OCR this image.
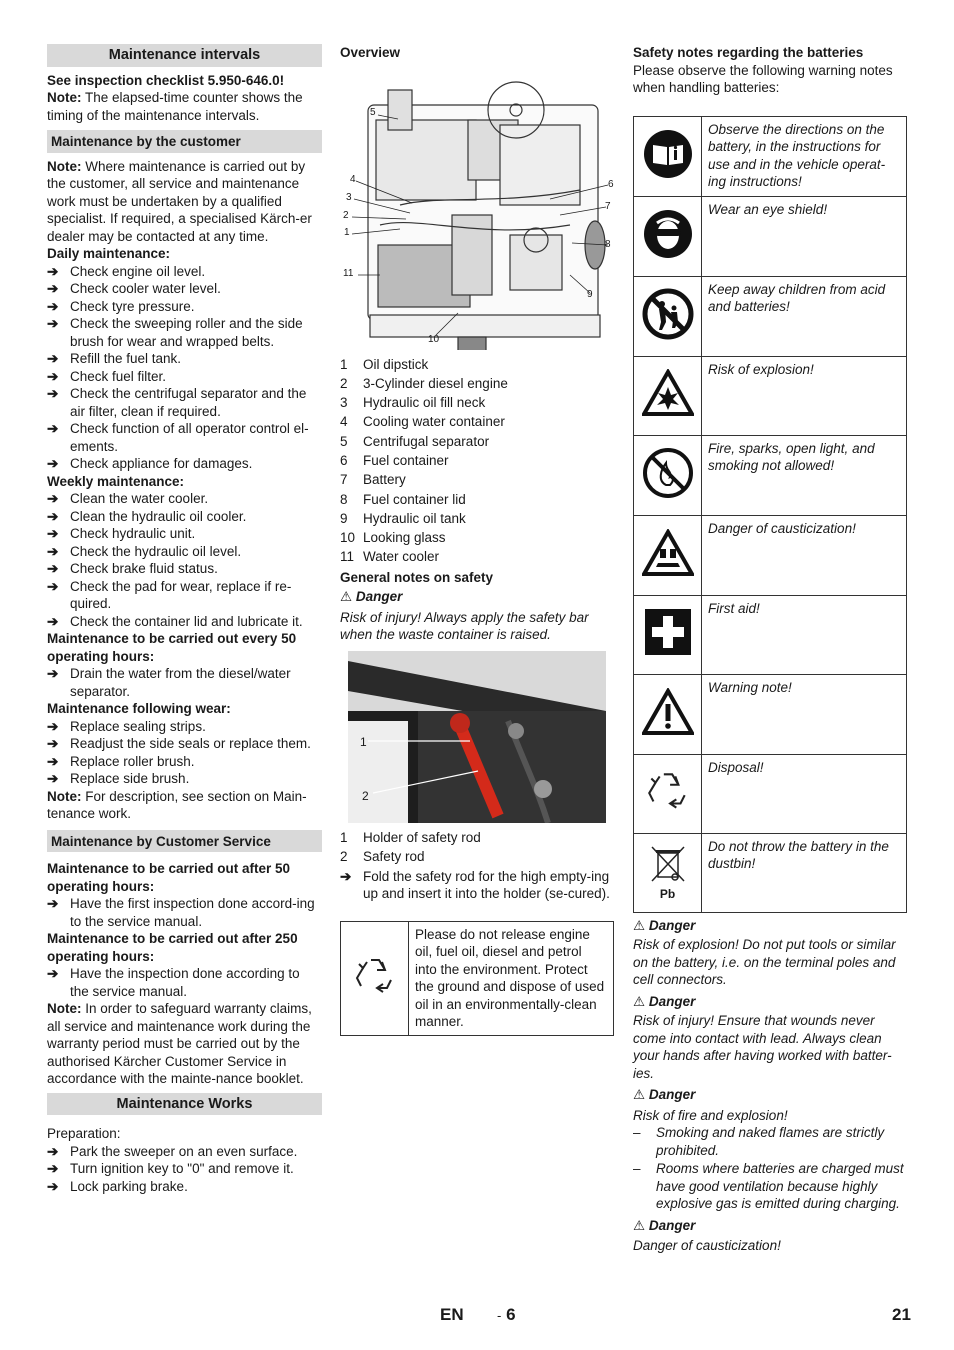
Maintenance intervals

See inspection checklist 5.950-646.0!

Note: The elapsed-time counter shows the timing of the maintenance intervals.

Maintenance by the customer

Note: Where maintenance is carried out by the customer, all service and maintenance work must be undertaken by a qualified specialist. If required, a specialised Kärch-er dealer may be contacted at any time.

Daily maintenance:

➔ Check engine oil level.
➔ Check cooler water level.
➔ Check tyre pressure.
➔ Check the sweeping roller and the side brush for wear and wrapped belts.
➔ Refill the fuel tank.
➔ Check fuel filter.
➔ Check the centrifugal separator and the air filter, clean if required.
➔ Check function of all operator control el-ements.
➔ Check appliance for damages.

Weekly maintenance:

➔ Clean the water cooler.
➔ Clean the hydraulic oil cooler.
➔ Check hydraulic unit.
➔ Check the hydraulic oil level.
➔ Check brake fluid status.
➔ Check the pad for wear, replace if re-quired.
➔ Check the container lid and lubricate it.

Maintenance to be carried out every 50 operating hours:

➔ Drain the water from the diesel/water separator.

Maintenance following wear:

➔ Replace sealing strips.
➔ Readjust the side seals or replace them.
➔ Replace roller brush.
➔ Replace side brush.

Note: For description, see section on Main-tenance work.

Maintenance by Customer Service

Maintenance to be carried out after 50 operating hours:

➔ Have the first inspection done accord-ing to the service manual.

Maintenance to be carried out after 250 operating hours:

➔ Have the inspection done according to the service manual.

Note: In order to safeguard warranty claims, all service and maintenance work during the warranty period must be carried out by the authorised Kärcher Customer Service in accordance with the mainte-nance booklet.

Maintenance Works

Preparation:

➔ Park the sweeper on an even surface.
➔ Turn ignition key to "0" and remove it.
➔ Lock parking brake.

Overview

5
4
3
2
1
11
10
6
7
8
9
1 Oil dipstick
2 3-Cylinder diesel engine
3 Hydraulic oil fill neck
4 Cooling water container
5 Centrifugal separator
6 Fuel container
7 Battery
8 Fuel container lid
9 Hydraulic oil tank
10 Looking glass
11 Water cooler

General notes on safety

⚠ Danger

Risk of injury! Always apply the safety bar when the waste container is raised.

1
2
1 Holder of safety rod
2 Safety rod
➔ Fold the safety rod for the high empty-ing up and insert it into the holder (se-cured).
	Please do not release engine oil, fuel oil, diesel and petrol into the environment. Protect the ground and dispose of used oil in an environmentally-clean manner.

Safety notes regarding the batteries

Please observe the following warning notes when handling batteries:

	Observe the directions on the battery, in the instructions for use and in the vehicle operat-ing instructions!
	Wear an eye shield!
	Keep away children from acid and batteries!
	Risk of explosion!
	Fire, sparks, open light, and smoking not allowed!
	Danger of causticization!
	First aid!
	Warning note!
	Disposal!

Pb	Do not throw the battery in the dustbin!

⚠ Danger

Risk of explosion! Do not put tools or similar on the battery, i.e. on the terminal poles and cell connectors.

⚠ Danger

Risk of injury! Ensure that wounds never come into contact with lead. Always clean your hands after having worked with batter-ies.

⚠ Danger

Risk of fire and explosion!

– Smoking and naked flames are strictly prohibited.
– Rooms where batteries are charged must have good ventilation because highly explosive gas is emitted during charging.

⚠ Danger

Danger of causticization!

EN	- 6	21
